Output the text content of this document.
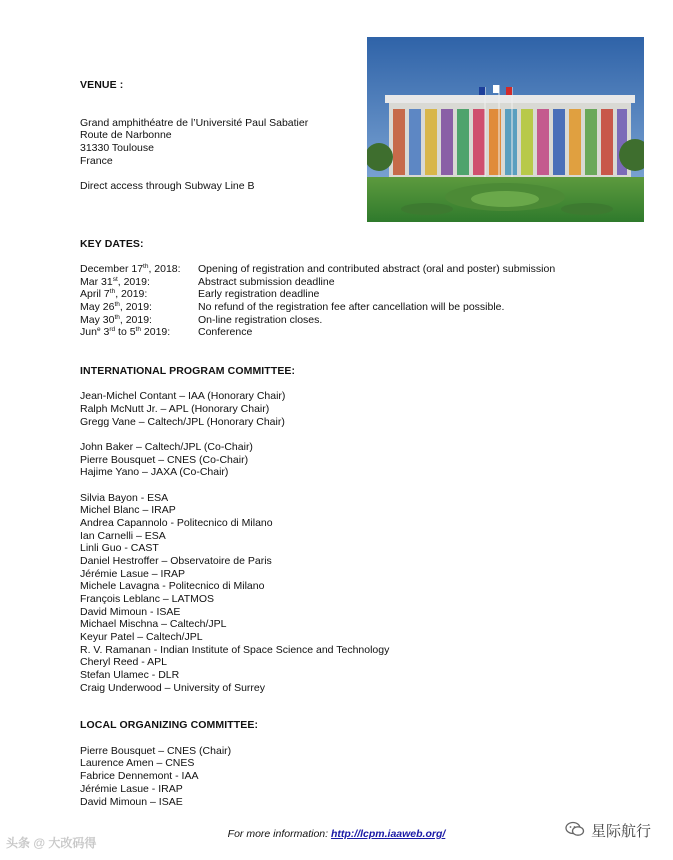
VENUE :
Grand amphithéatre de l’Université Paul Sabatier
Route de Narbonne
31330 Toulouse
France
Direct access through Subway Line B
KEY DATES:
December 17th, 2018: Opening of registration and contributed abstract (oral and poster) submission
Mar 31st, 2019:	Abstract submission deadline
April 7th, 2019:	Early registration deadline
May 26th, 2019:	No refund of the registration fee after cancellation will be possible.
May 30th, 2019:	On-line registration closes.
Jun$^e$ 3rd to 5th 2019:	Conference
INTERNATIONAL PROGRAM COMMITTEE:
Jean-Michel Contant – IAA (Honorary Chair)
Ralph McNutt Jr. – APL (Honorary Chair)
Gregg Vane – Caltech/JPL (Honorary Chair)
John Baker – Caltech/JPL (Co-Chair)
Pierre Bousquet – CNES (Co-Chair)
Hajime Yano – JAXA (Co-Chair)
Silvia Bayon - ESA
Michel Blanc – IRAP
Andrea Capannolo - Politecnico di Milano
Ian Carnelli – ESA
Linli Guo - CAST
Daniel Hestroffer – Observatoire de Paris
Jérémie Lasue – IRAP
Michele Lavagna - Politecnico di Milano
François Leblanc – LATMOS
David Mimoun - ISAE
Michael Mischna – Caltech/JPL
Keyur Patel – Caltech/JPL
R. V. Ramanan - Indian Institute of Space Science and Technology
Cheryl Reed - APL
Stefan Ulamec - DLR
Craig Underwood – University of Surrey
LOCAL ORGANIZING COMMITTEE:
Pierre Bousquet – CNES (Chair)
Laurence Amen – CNES
Fabrice Dennemont - IAA
Jérémie Lasue - IRAP
David Mimoun – ISAE
For more information: http://lcpm.iaaweb.org/
头条 @ 大改码得
星际航行
